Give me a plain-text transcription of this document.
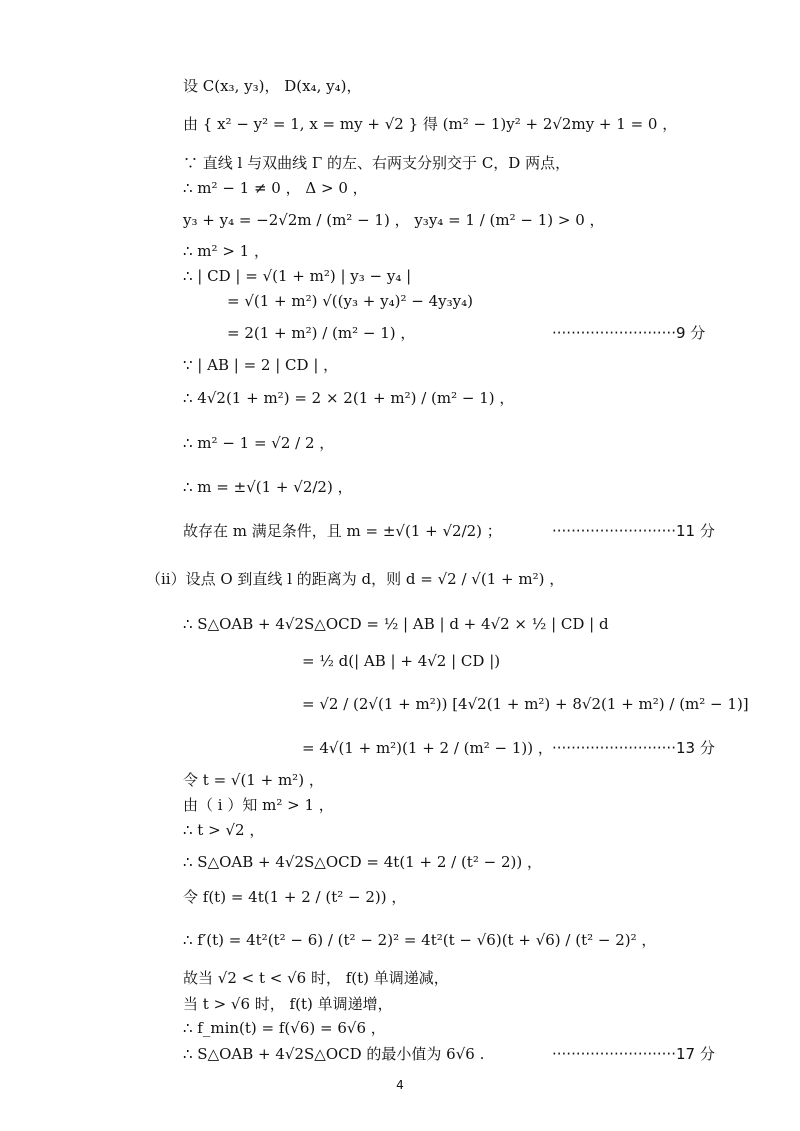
设 C(x₃, y₃)， D(x₄, y₄)，
由 { x² − y² = 1, x = my + √2 } 得 (m² − 1)y² + 2√2my + 1 = 0 ，
∵ 直线 l 与双曲线 Γ 的左、右两支分别交于 C，D 两点，
∴ m² − 1 ≠ 0 ， Δ > 0 ，
y₃ + y₄ = −2√2m / (m² − 1) ， y₃y₄ = 1 / (m² − 1) > 0 ，
∴ m² > 1 ，
∴ | CD | = √(1 + m²) | y₃ − y₄ |
= √(1 + m²) √((y₃ + y₄)² − 4y₃y₄)
= 2(1 + m²) / (m² − 1) ，	··························9 分
∵ | AB | = 2 | CD | ，
∴ 4√2(1 + m²) = 2 × 2(1 + m²) / (m² − 1) ，
∴ m² − 1 = √2 / 2 ，
∴ m = ±√(1 + √2/2) ，
故存在 m 满足条件，且 m = ±√(1 + √2/2) ；	··························11 分
（ii）设点 O 到直线 l 的距离为 d，则 d = √2 / √(1 + m²) ，
∴ S△OAB + 4√2S△OCD = ½ | AB | d + 4√2 × ½ | CD | d
= ½ d(| AB | + 4√2 | CD |)
= √2 / (2√(1 + m²)) [4√2(1 + m²) + 8√2(1 + m²) / (m² − 1)]
= 4√(1 + m²)(1 + 2 / (m² − 1)) ， ··························13 分
令 t = √(1 + m²) ，
由（ i ）知 m² > 1 ，
∴ t > √2 ，
∴ S△OAB + 4√2S△OCD = 4t(1 + 2 / (t² − 2)) ，
令 f(t) = 4t(1 + 2 / (t² − 2)) ，
∴ f′(t) = 4t²(t² − 6) / (t² − 2)² = 4t²(t − √6)(t + √6) / (t² − 2)² ，
故当 √2 < t < √6 时， f(t) 单调递减，
当 t > √6 时， f(t) 单调递增，
∴ f_min(t) = f(√6) = 6√6 ，
∴ S△OAB + 4√2S△OCD 的最小值为 6√6 .	··························17 分
4
